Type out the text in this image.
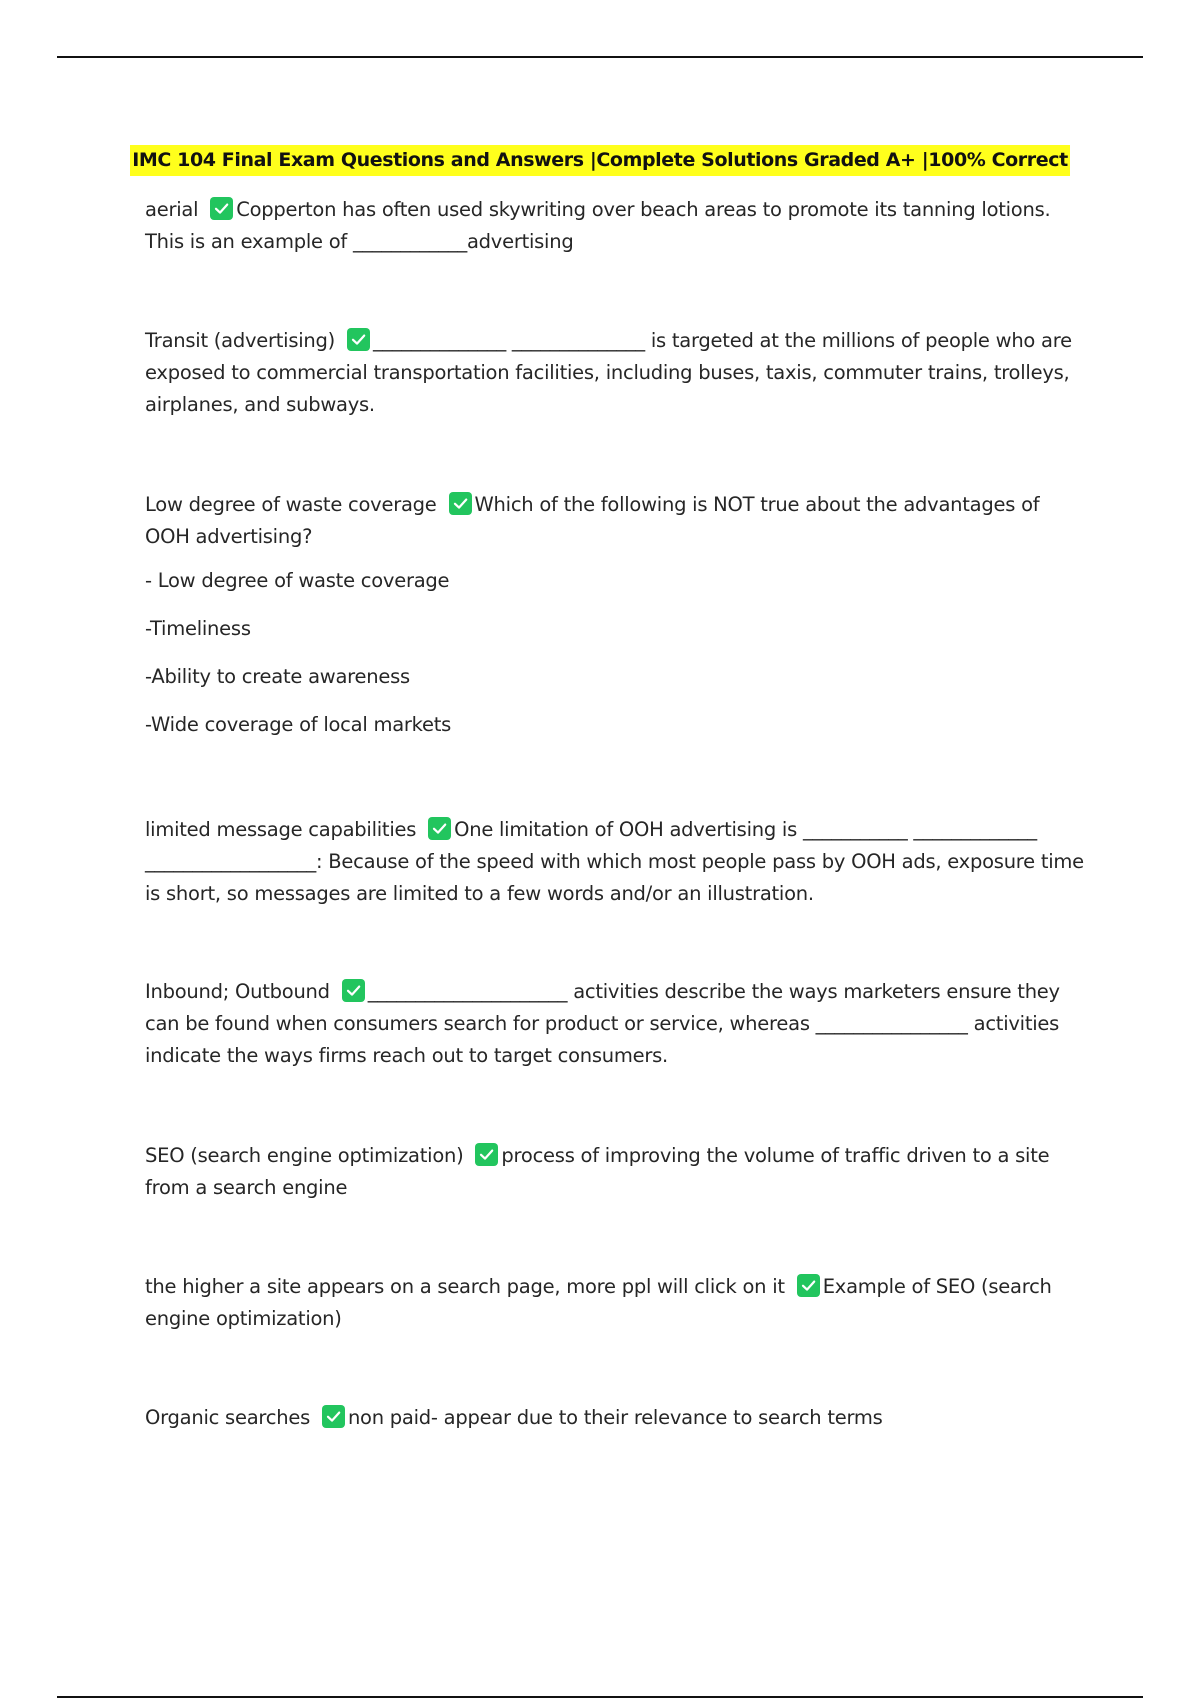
IMC 104 Final Exam Questions and Answers |Complete Solutions Graded A+ |100% Correct

aerial Copperton has often used skywriting over beach areas to promote its tanning lotions. This is an example of ____________advertising

Transit (advertising) ______________ ______________ is targeted at the millions of people who are exposed to commercial transportation facilities, including buses, taxis, commuter trains, trolleys, airplanes, and subways.

Low degree of waste coverage Which of the following is NOT true about the advantages of OOH advertising?

- Low degree of waste coverage

-Timeliness

-Ability to create awareness

-Wide coverage of local markets

limited message capabilities One limitation of OOH advertising is ___________ _____________ __________________: Because of the speed with which most people pass by OOH ads, exposure time is short, so messages are limited to a few words and/or an illustration.

Inbound; Outbound _____________________ activities describe the ways marketers ensure they can be found when consumers search for product or service, whereas ________________ activities indicate the ways firms reach out to target consumers.

SEO (search engine optimization) process of improving the volume of traffic driven to a site from a search engine

the higher a site appears on a search page, more ppl will click on it Example of SEO (search engine optimization)

Organic searches non paid- appear due to their relevance to search terms
